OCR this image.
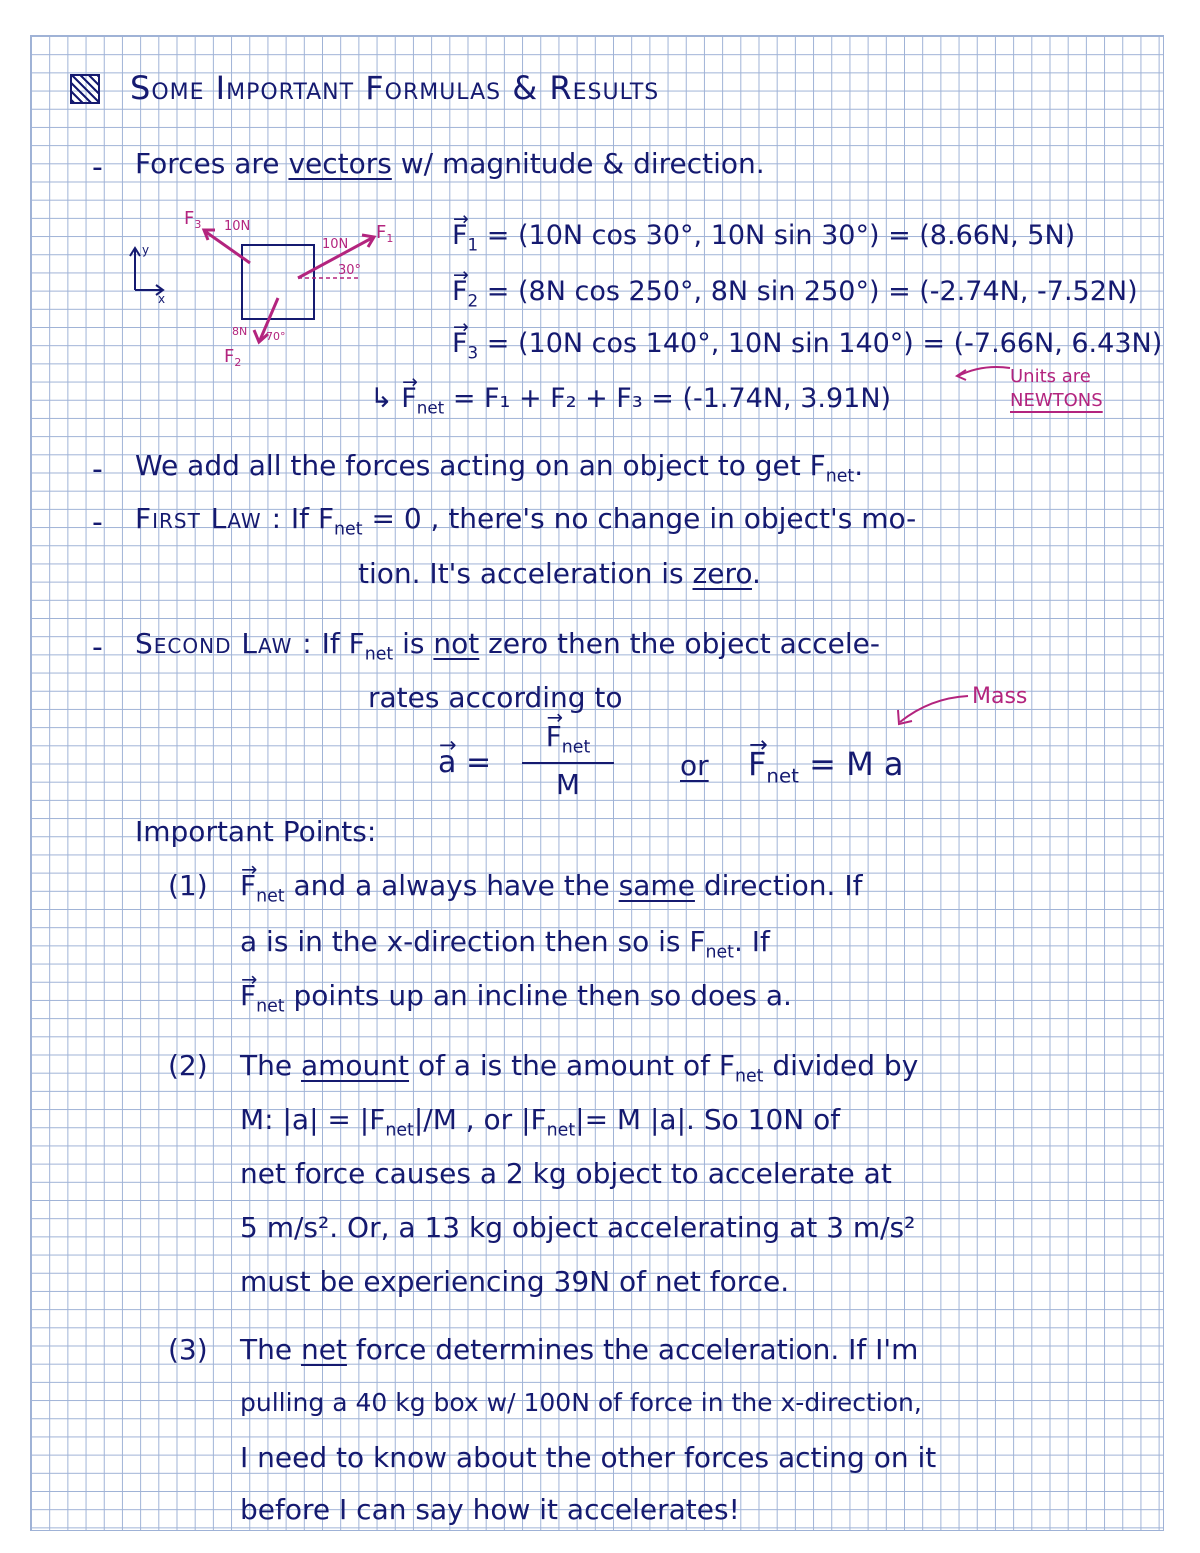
Some Important Formulas & Results
- Forces are vectors w/ magnitude & direction.
y
x
10N
10N
30°
8N 70°
$F_3$	$F_1$
$F_2$
→ $F_1 = (10N$ cos 30°, 10N sin 30°) = (8.66N, 5N)
→ $F_2 = (8N$ cos 250°, 8N sin 250°) = (-2.74N, -7.52N)
→ $F_3 = (10N$ cos 140°, 10N sin 140°) = (-7.66N, 6.43N)
↳ → $F_{net} = F_1 + F_2 + F_3 = (-1.74N$, 3.91N)
Units are
NEWTONS
- We add all the forces acting on an object to get $F_{net}$.
- First Law : If $F_{net} = 0$ , there's no change in object's mo-
tion. It's acceleration is zero.
- Second Law : If $F_{net}$ is not zero then the object accele-
rates according to	Mass
→ a =
→ $F_{net}$
M
or
→ $F_{net} = M$ a
Important Points:
(1)
→ $F_{net}$ and a always have the same direction. If
a is in the x-direction then so is $F_{net}$. If
→ $F_{net}$ points up an incline then so does a.
(2) The amount of a is the amount of $F_{net}$ divided by
M: $|a| = |F_{net}|/M$ , or $|F_{net}|= M$ |a|. So 10N of
net force causes a 2 kg object to accelerate at
5 m/s². Or, a 13 kg object accelerating at 3 m/s²
must be experiencing 39N of net force.
(3) The net force determines the acceleration. If I'm
pulling a 40 kg box w/ 100N of force in the x-direction,
I need to know about the other forces acting on it
before I can say how it accelerates!
